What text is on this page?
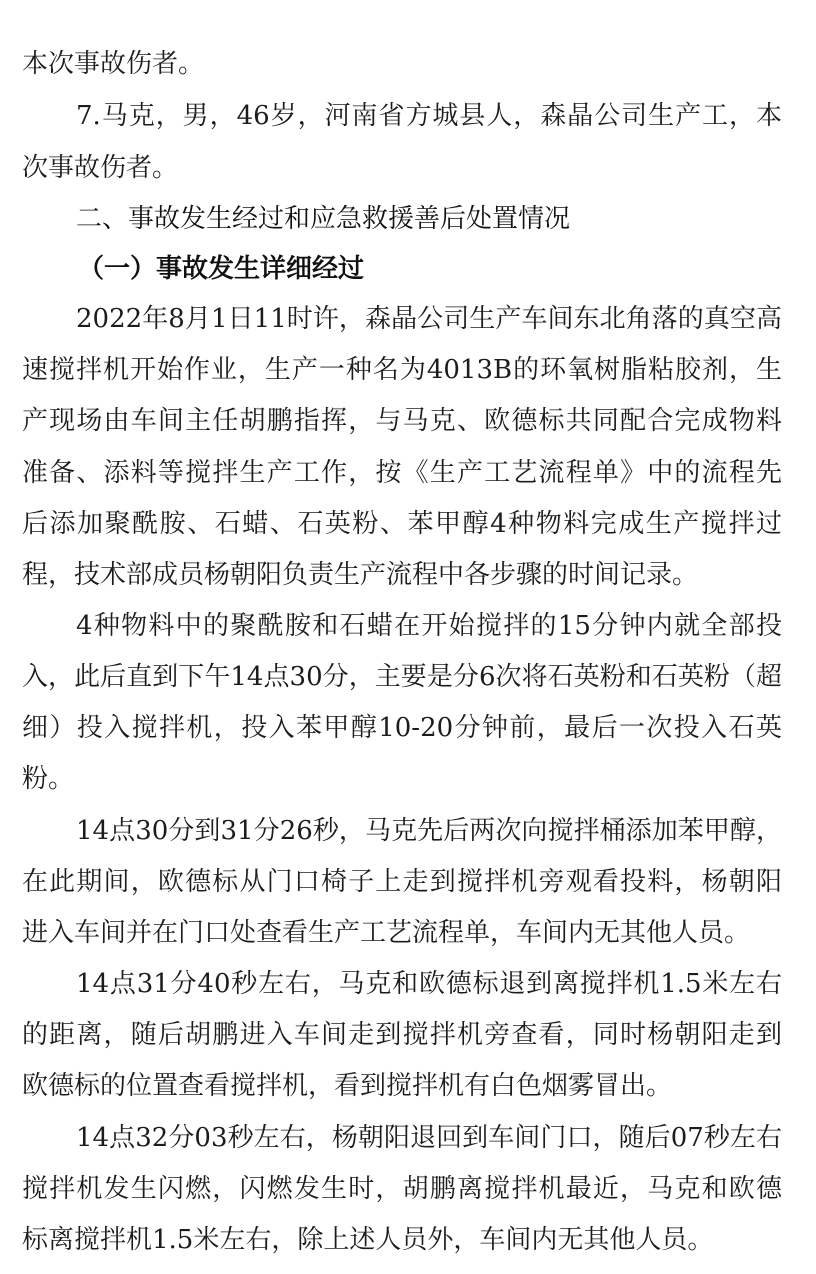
本次事故伤者。
7.马克，男，46岁，河南省方城县人，森晶公司生产工，本
次事故伤者。
二、事故发生经过和应急救援善后处置情况
（一）事故发生详细经过
2022年8月1日11时许，森晶公司生产车间东北角落的真空高
速搅拌机开始作业，生产一种名为4013B的环氧树脂粘胶剂，生
产现场由车间主任胡鹏指挥，与马克、欧德标共同配合完成物料
准备、添料等搅拌生产工作，按《生产工艺流程单》中的流程先
后添加聚酰胺、石蜡、石英粉、苯甲醇4种物料完成生产搅拌过
程，技术部成员杨朝阳负责生产流程中各步骤的时间记录。
4种物料中的聚酰胺和石蜡在开始搅拌的15分钟内就全部投
入，此后直到下午14点30分，主要是分6次将石英粉和石英粉（超
细）投入搅拌机，投入苯甲醇10-20分钟前，最后一次投入石英
粉。
14点30分到31分26秒，马克先后两次向搅拌桶添加苯甲醇，
在此期间，欧德标从门口椅子上走到搅拌机旁观看投料，杨朝阳
进入车间并在门口处查看生产工艺流程单，车间内无其他人员。
14点31分40秒左右，马克和欧德标退到离搅拌机1.5米左右
的距离，随后胡鹏进入车间走到搅拌机旁查看，同时杨朝阳走到
欧德标的位置查看搅拌机，看到搅拌机有白色烟雾冒出。
14点32分03秒左右，杨朝阳退回到车间门口，随后07秒左右
搅拌机发生闪燃，闪燃发生时，胡鹏离搅拌机最近，马克和欧德
标离搅拌机1.5米左右，除上述人员外，车间内无其他人员。
